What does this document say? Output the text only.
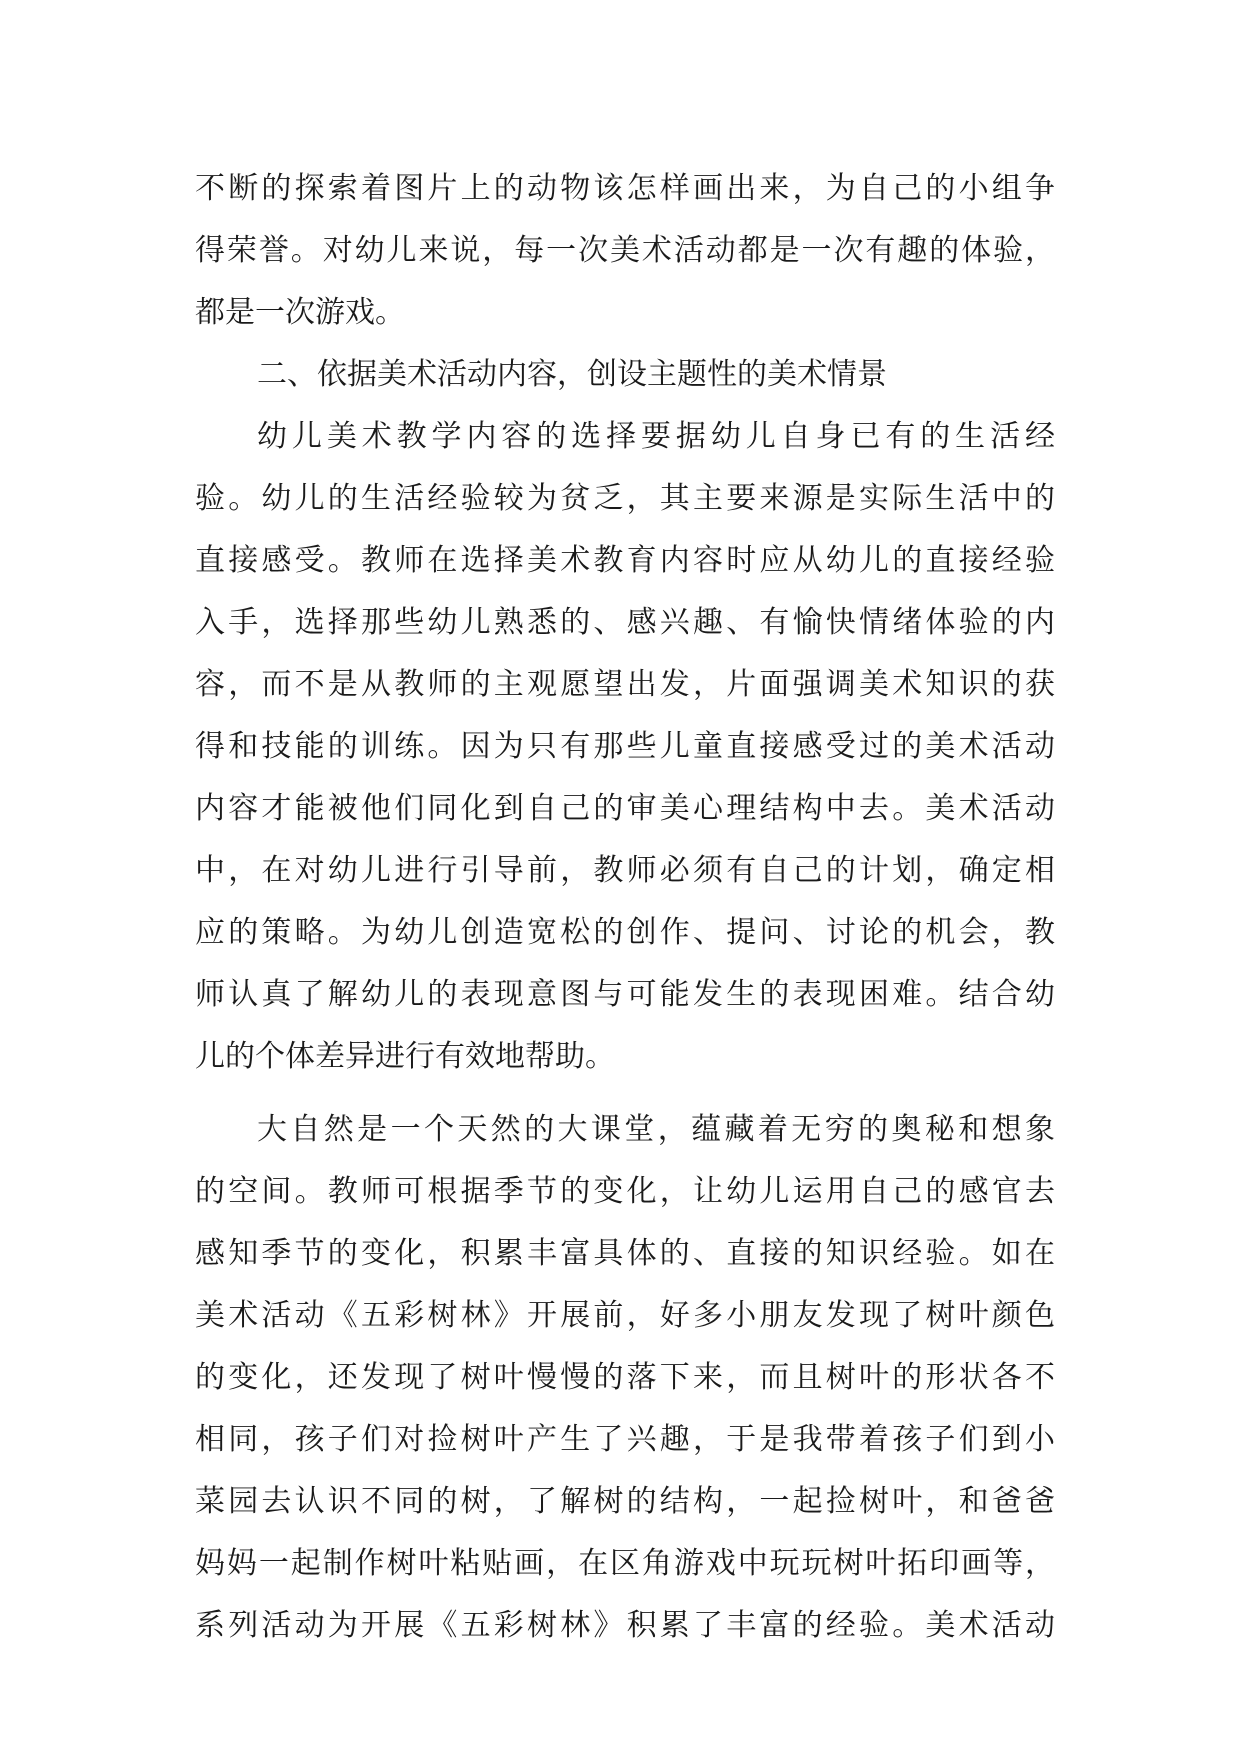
不断的探索着图片上的动物该怎样画出来，为自己的小组争
得荣誉。对幼儿来说，每一次美术活动都是一次有趣的体验，
都是一次游戏。
二、依据美术活动内容，创设主题性的美术情景
幼儿美术教学内容的选择要据幼儿自身已有的生活经
验。幼儿的生活经验较为贫乏，其主要来源是实际生活中的
直接感受。教师在选择美术教育内容时应从幼儿的直接经验
入手，选择那些幼儿熟悉的、感兴趣、有愉快情绪体验的内
容，而不是从教师的主观愿望出发，片面强调美术知识的获
得和技能的训练。因为只有那些儿童直接感受过的美术活动
内容才能被他们同化到自己的审美心理结构中去。美术活动
中，在对幼儿进行引导前，教师必须有自己的计划，确定相
应的策略。为幼儿创造宽松的创作、提问、讨论的机会，教
师认真了解幼儿的表现意图与可能发生的表现困难。结合幼
儿的个体差异进行有效地帮助。
大自然是一个天然的大课堂，蕴藏着无穷的奥秘和想象
的空间。教师可根据季节的变化，让幼儿运用自己的感官去
感知季节的变化，积累丰富具体的、直接的知识经验。如在
美术活动《五彩树林》开展前，好多小朋友发现了树叶颜色
的变化，还发现了树叶慢慢的落下来，而且树叶的形状各不
相同，孩子们对捡树叶产生了兴趣，于是我带着孩子们到小
菜园去认识不同的树，了解树的结构，一起捡树叶，和爸爸
妈妈一起制作树叶粘贴画，在区角游戏中玩玩树叶拓印画等，
系列活动为开展《五彩树林》积累了丰富的经验。美术活动
